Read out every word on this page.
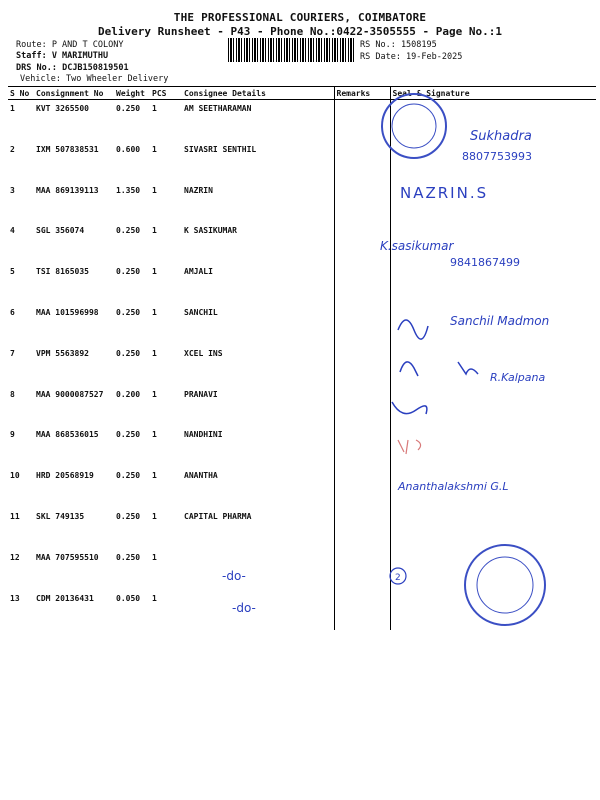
THE PROFESSIONAL COURIERS, COIMBATORE
Delivery Runsheet - P43 - Phone No.:0422-3505555 - Page No.:1
Route: P AND T COLONY
Staff: V MARIMUTHU
DRS No.: DCJB150819501
Vehicle: Two Wheeler Delivery
RS No.: 1508195
RS Date: 19-Feb-2025
S No	Consignment No	Weight	PCS	Consignee Details	Remarks	Seal & Signature
1	KVT 3265500	0.250	1	AM SEETHARAMAN		
2	IXM 507838531	0.600	1	SIVASRI SENTHIL		
3	MAA 869139113	1.350	1	NAZRIN		
4	SGL 356074	0.250	1	K SASIKUMAR		
5	TSI 8165035	0.250	1	AMJALI		
6	MAA 101596998	0.250	1	SANCHIL		
7	VPM 5563892	0.250	1	XCEL INS		
8	MAA 9000087527	0.200	1	PRANAVI		
9	MAA 868536015	0.250	1	NANDHINI		
10	HRD 20568919	0.250	1	ANANTHA		
11	SKL 749135	0.250	1	CAPITAL PHARMA		
12	MAA 707595510	0.250	1			
13	CDM 20136431	0.050	1			
Sukhadra
8807753993
NAZRIN.S
K.sasikumar
9841867499
Sanchil Madmon
R.Kalpana
Ananthalakshmi G.L
2
-do-
-do-
